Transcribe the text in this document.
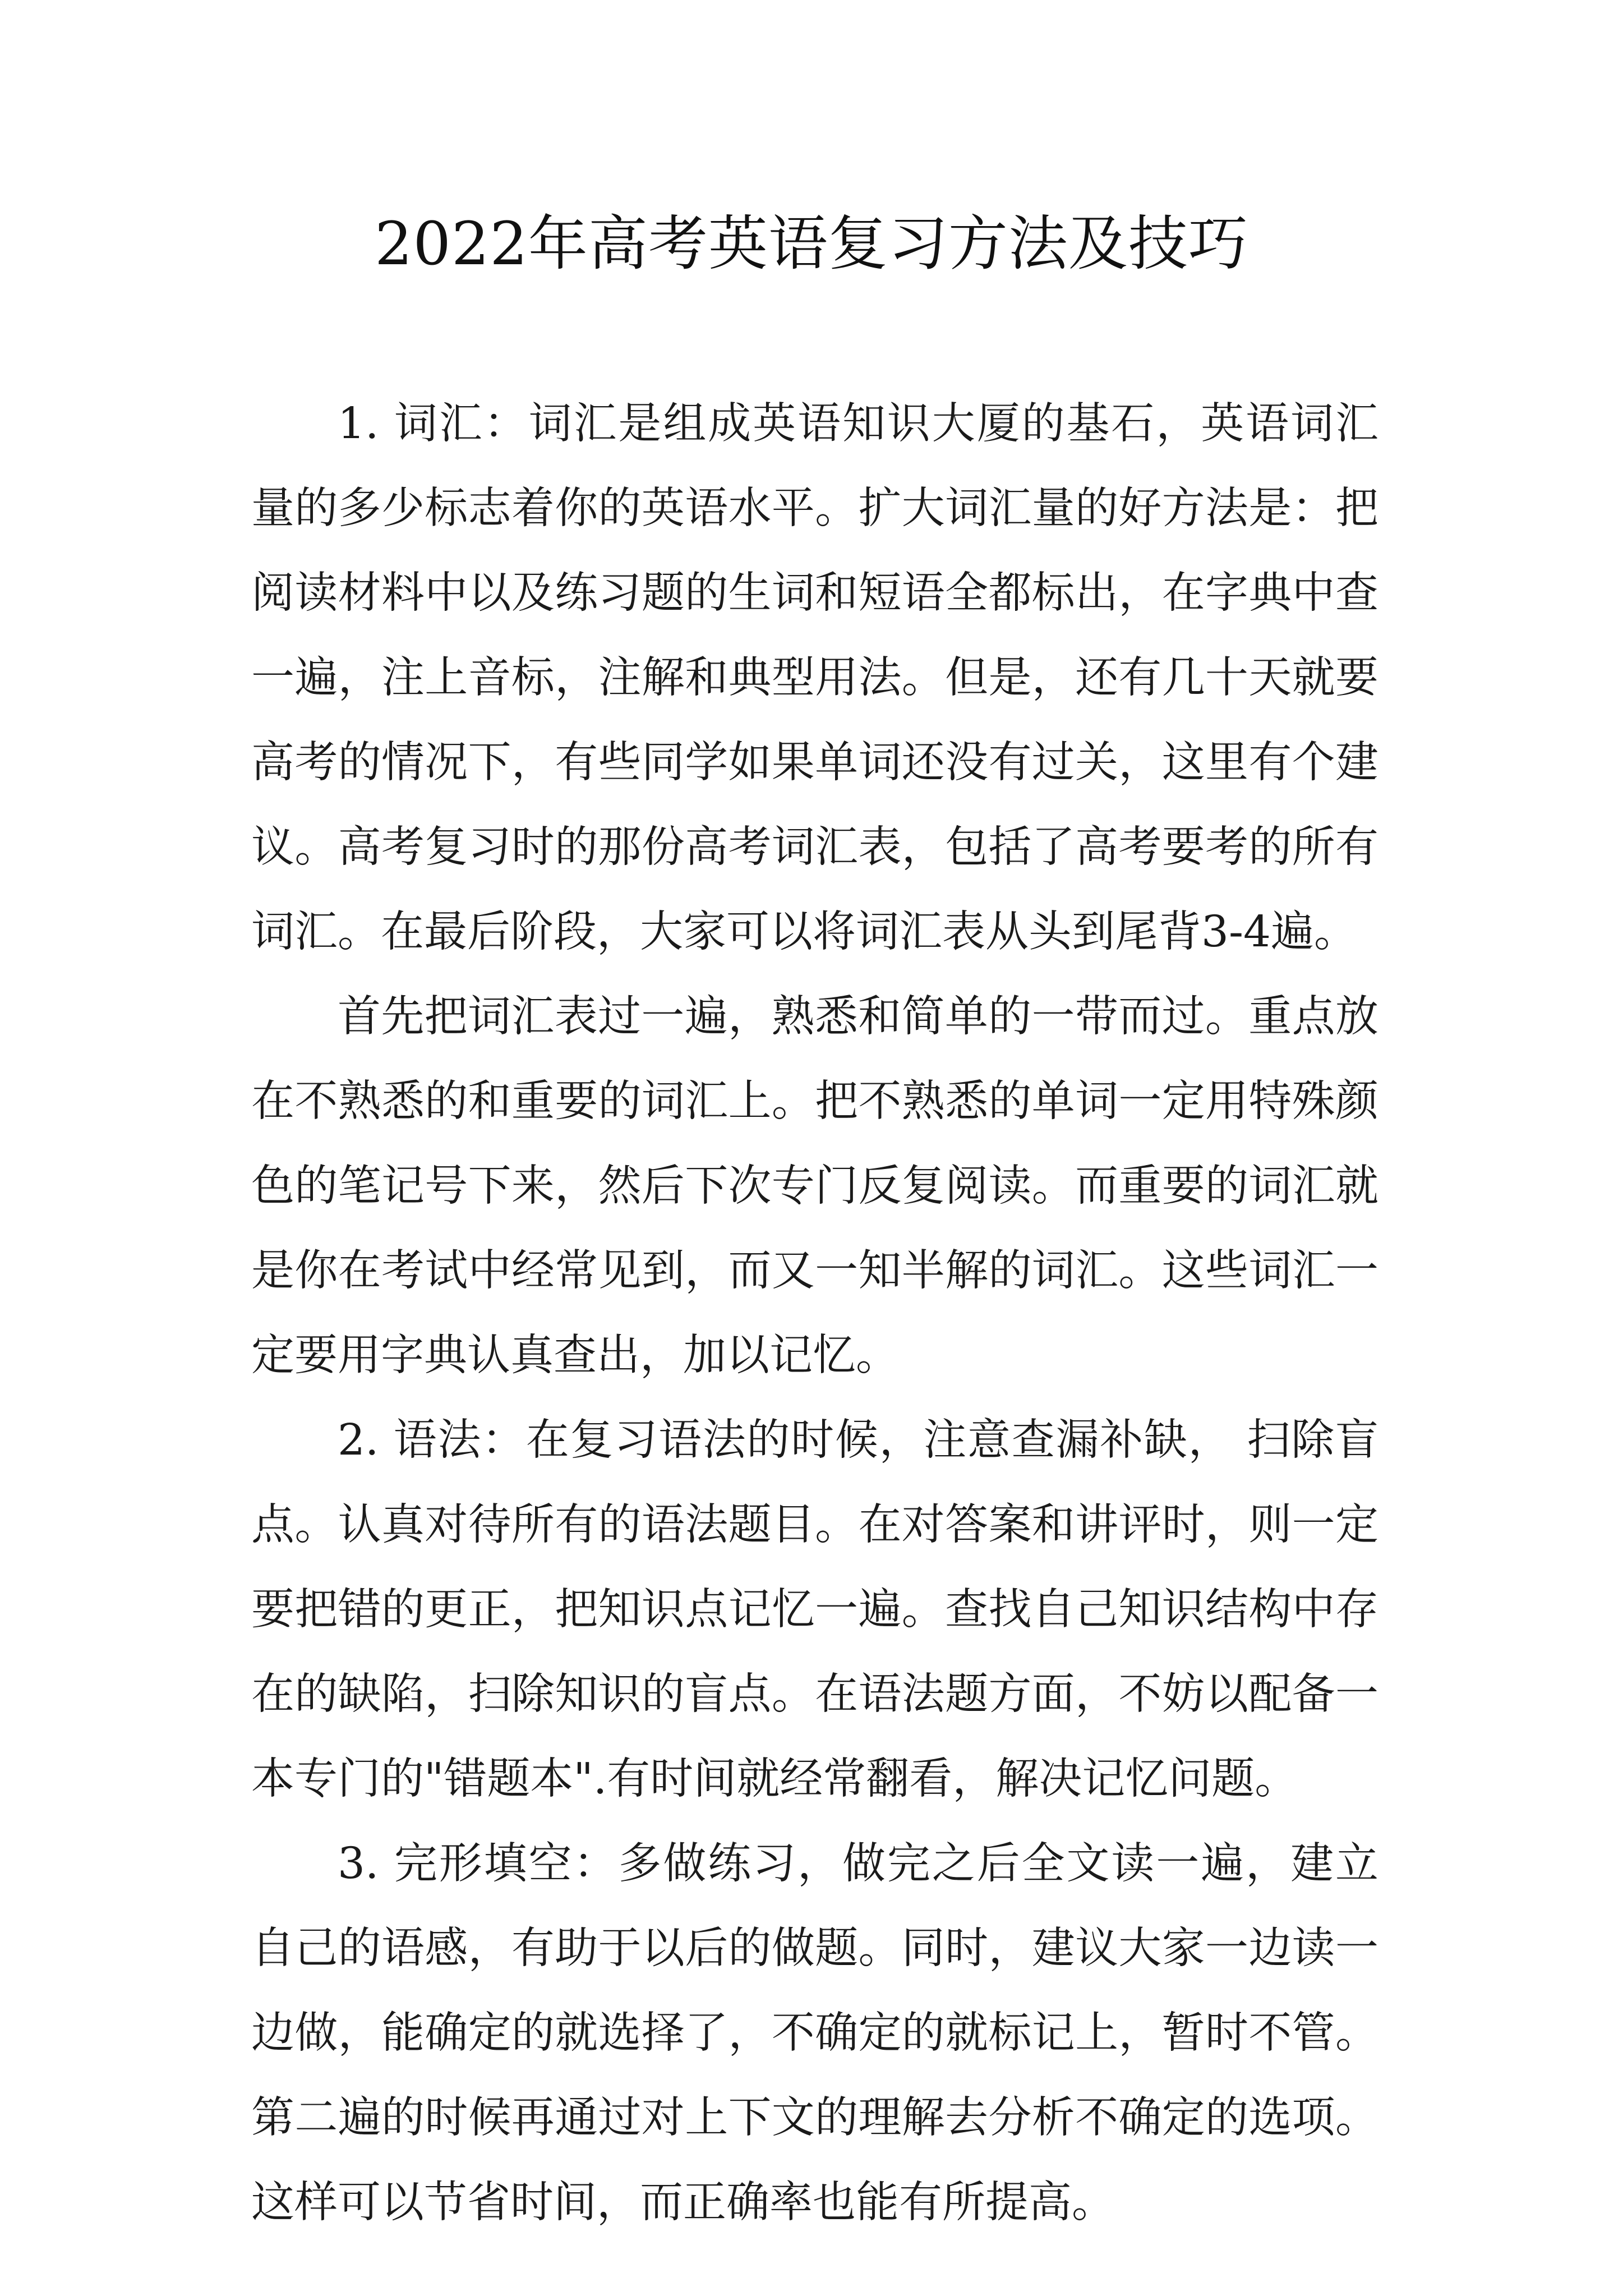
2022年高考英语复习方法及技巧

1. 词汇：词汇是组成英语知识大厦的基石，英语词汇量的多少标志着你的英语水平。扩大词汇量的好方法是：把阅读材料中以及练习题的生词和短语全都标出，在字典中查一遍，注上音标，注解和典型用法。但是，还有几十天就要高考的情况下，有些同学如果单词还没有过关，这里有个建议。高考复习时的那份高考词汇表，包括了高考要考的所有词汇。在最后阶段，大家可以将词汇表从头到尾背3-4遍。

首先把词汇表过一遍，熟悉和简单的一带而过。重点放在不熟悉的和重要的词汇上。把不熟悉的单词一定用特殊颜色的笔记号下来，然后下次专门反复阅读。而重要的词汇就是你在考试中经常见到，而又一知半解的词汇。这些词汇一定要用字典认真查出，加以记忆。

2. 语法：在复习语法的时候，注意查漏补缺， 扫除盲点。认真对待所有的语法题目。在对答案和讲评时，则一定要把错的更正，把知识点记忆一遍。查找自己知识结构中存在的缺陷，扫除知识的盲点。在语法题方面，不妨以配备一本专门的"错题本".有时间就经常翻看，解决记忆问题。

3. 完形填空：多做练习，做完之后全文读一遍，建立自己的语感，有助于以后的做题。同时，建议大家一边读一边做，能确定的就选择了，不确定的就标记上，暂时不管。第二遍的时候再通过对上下文的理解去分析不确定的选项。这样可以节省时间，而正确率也能有所提高。
